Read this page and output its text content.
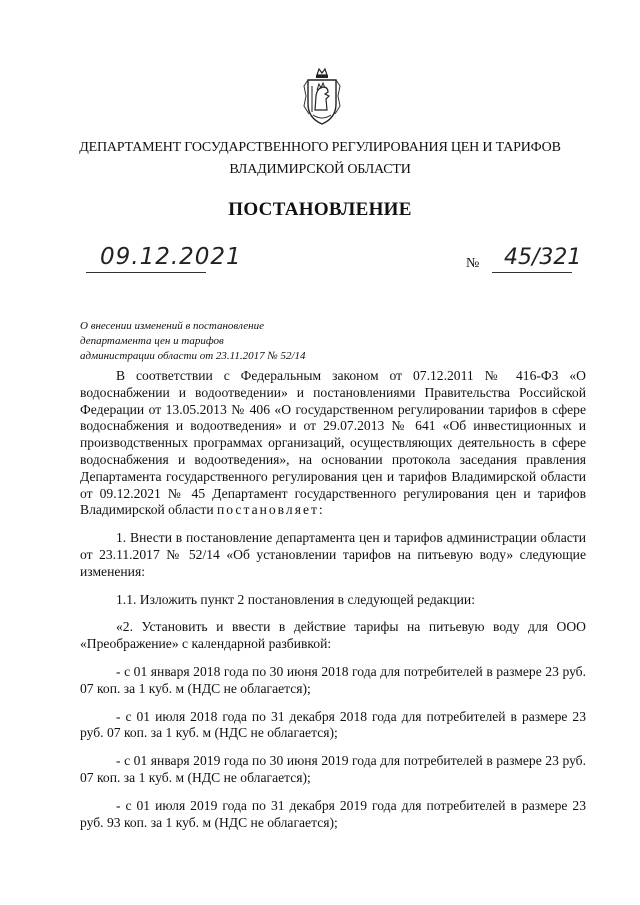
ДЕПАРТАМЕНТ ГОСУДАРСТВЕННОГО РЕГУЛИРОВАНИЯ ЦЕН И ТАРИФОВ
ВЛАДИМИРСКОЙ ОБЛАСТИ
ПОСТАНОВЛЕНИЕ
09.12.2021	№ 45/321
О внесении изменений в постановление
департамента цен и тарифов
администрации области от 23.11.2017 № 52/14

В соответствии с Федеральным законом от 07.12.2011 № 416-ФЗ «О водоснабжении и водоотведении» и постановлениями Правительства Российской Федерации от 13.05.2013 № 406 «О государственном регулировании тарифов в сфере водоснабжения и водоотведения» и от 29.07.2013 № 641 «Об инвестиционных и производственных программах организаций, осуществляющих деятельность в сфере водоснабжения и водоотведения», на основании протокола заседания правления Департамента государственного регулирования цен и тарифов Владимирской области от 09.12.2021 № 45 Департамент государственного регулирования цен и тарифов Владимирской области постановляет:

1. Внести в постановление департамента цен и тарифов администрации области от 23.11.2017 № 52/14 «Об установлении тарифов на питьевую воду» следующие изменения:

1.1. Изложить пункт 2 постановления в следующей редакции:

«2. Установить и ввести в действие тарифы на питьевую воду для ООО «Преображение» с календарной разбивкой:

- с 01 января 2018 года по 30 июня 2018 года для потребителей в размере 23 руб. 07 коп. за 1 куб. м (НДС не облагается);

- с 01 июля 2018 года по 31 декабря 2018 года для потребителей в размере 23 руб. 07 коп. за 1 куб. м (НДС не облагается);

- с 01 января 2019 года по 30 июня 2019 года для потребителей в размере 23 руб. 07 коп. за 1 куб. м (НДС не облагается);

- с 01 июля 2019 года по 31 декабря 2019 года для потребителей в размере 23 руб. 93 коп. за 1 куб. м (НДС не облагается);
